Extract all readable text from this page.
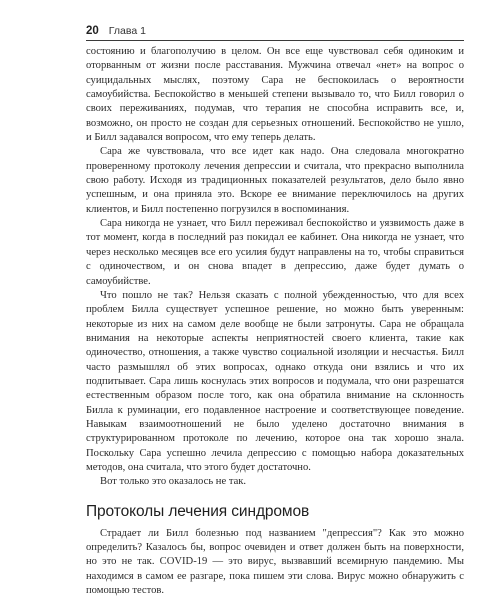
20 Глава 1

состоянию и благополучию в целом. Он все еще чувствовал себя одиноким и оторванным от жизни после расставания. Мужчина отвечал «нет» на вопрос о суицидальных мыслях, поэтому Сара не беспокоилась о вероятности самоубийства. Беспокойство в меньшей степени вызывало то, что Билл говорил о своих переживаниях, подумав, что терапия не способна исправить все, и, возможно, он просто не создан для серьезных отношений. Беспокойство не ушло, и Билл задавался вопросом, что ему теперь делать.

Сара же чувствовала, что все идет как надо. Она следовала многократно проверенному протоколу лечения депрессии и считала, что прекрасно выполнила свою работу. Исходя из традиционных показателей результатов, дело было явно успешным, и она приняла это. Вскоре ее внимание переключилось на других клиентов, и Билл постепенно погрузился в воспоминания.

Сара никогда не узнает, что Билл переживал беспокойство и уязвимость даже в тот момент, когда в последний раз покидал ее кабинет. Она никогда не узнает, что через несколько месяцев все его усилия будут направлены на то, чтобы справиться с одиночеством, и он снова впадет в депрессию, даже будет думать о самоубийстве.

Что пошло не так? Нельзя сказать с полной убежденностью, что для всех проблем Билла существует успешное решение, но можно быть уверенным: некоторые из них на самом деле вообще не были затронуты. Сара не обращала внимания на некоторые аспекты неприятностей своего клиента, такие как одиночество, отношения, а также чувство социальной изоляции и несчастья. Билл часто размышлял об этих вопросах, однако откуда они взялись и что их подпитывает. Сара лишь коснулась этих вопросов и подумала, что они разрешатся естественным образом после того, как она обратила внимание на склонность Билла к руминации, его подавленное настроение и соответствующее поведение. Навыкам взаимоотношений не было уделено достаточно внимания в структурированном протоколе по лечению, которое она так хорошо знала. Поскольку Сара успешно лечила депрессию с помощью набора доказательных методов, она считала, что этого будет достаточно.

Вот только это оказалось не так.

Протоколы лечения синдромов

Страдает ли Билл болезнью под названием "депрессия"? Как это можно определить? Казалось бы, вопрос очевиден и ответ должен быть на поверхности, но это не так. COVID-19 — это вирус, вызвавший всемирную пандемию. Мы находимся в самом ее разгаре, пока пишем эти слова. Вирус можно обнаружить с помощью тестов.
